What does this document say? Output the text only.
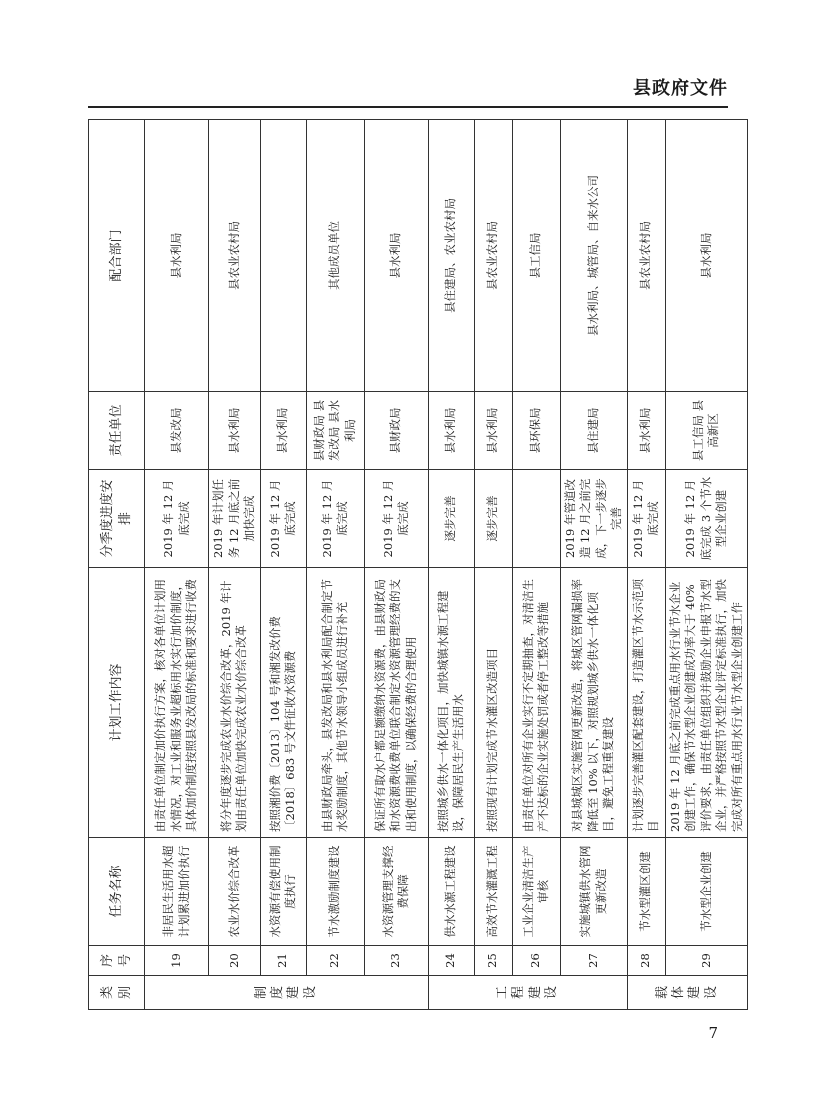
县政府文件
类别	序号	任务名称	计划工作内容	分季度进度安排	责任单位	配合部门
制度建设	19	非居民生活用水超计划累进加价执行	由责任单位制定加价执行方案，核对各单位计划用水情况，对工业和服务业超标用水实行加价制度，具体加价制度按照县发改局的标准和要求进行收费	2019 年 12 月底完成	县发改局	县水利局
	20	农业水价综合改革	将分年度逐步完成农业水价综合改革，2019 年计划由责任单位加快完成农业水价综合改革	2019 年计划任务 12 月底之前加快完成	县水利局	县农业农村局
	21	水资源有偿使用制度执行	按照湘价费〔2013〕104 号和湘发改价费〔2018〕683 号文件征收水资源费	2019 年 12 月底完成	县水利局	
	22	节水激励制度建设	由县财政局牵头，县发改局和县水利局配合制定节水奖励制度，其他节水领导小组成员进行补充	2019 年 12 月底完成	县财政局 县发改局 县水利局	其他成员单位
	23	水资源管理支撑经费保障	保证所有取水户都足额缴纳水资源费，由县财政局和水资源费收费单位联合制定水资源管理经费的支出和使用制度，以确保经费的合理使用	2019 年 12 月底完成	县财政局	县水利局
工程建设	24	供水水源工程建设	按照城乡供水一体化项目，加快城镇水源工程建设，保障居民生产生活用水	逐步完善	县水利局	县住建局、农业农村局
	25	高效节水灌溉工程	按照现有计划完成节水灌区改造项目	逐步完善	县水利局	县农业农村局
	26	工业企业清洁生产审核	由责任单位对所有企业实行不定期抽查，对清洁生产不达标的企业实施处罚或者停工整改等措施		县环保局	县工信局
	27	实施城镇供水管网更新改造	对县城城区实施管网更新改造，将城区管网漏损率降低至 10% 以下，对照规划城乡供水一体化项目，避免工程重复建设	2019 年管道改造 12 月之前完成，下一步逐步完善	县住建局	县水利局、城管局、自来水公司
载体建设	28	节水型灌区创建	计划逐步完善灌区配套建设，打造灌区节水示范项目	2019 年 12 月底完成	县水利局	县农业农村局
	29	节水型企业创建	2019 年 12 月底之前完成重点用水行业节水企业创建工作，确保节水型企业创建成功率大于 40% 评价要求，由责任单位组织并鼓励企业申报节水型企业，并严格按照节水型企业评定标准执行，加快完成对所有重点用水行业节水型企业创建工作	2019 年 12 月底完成 3 个节水型企业创建	县工信局 县高新区	县水利局
7
